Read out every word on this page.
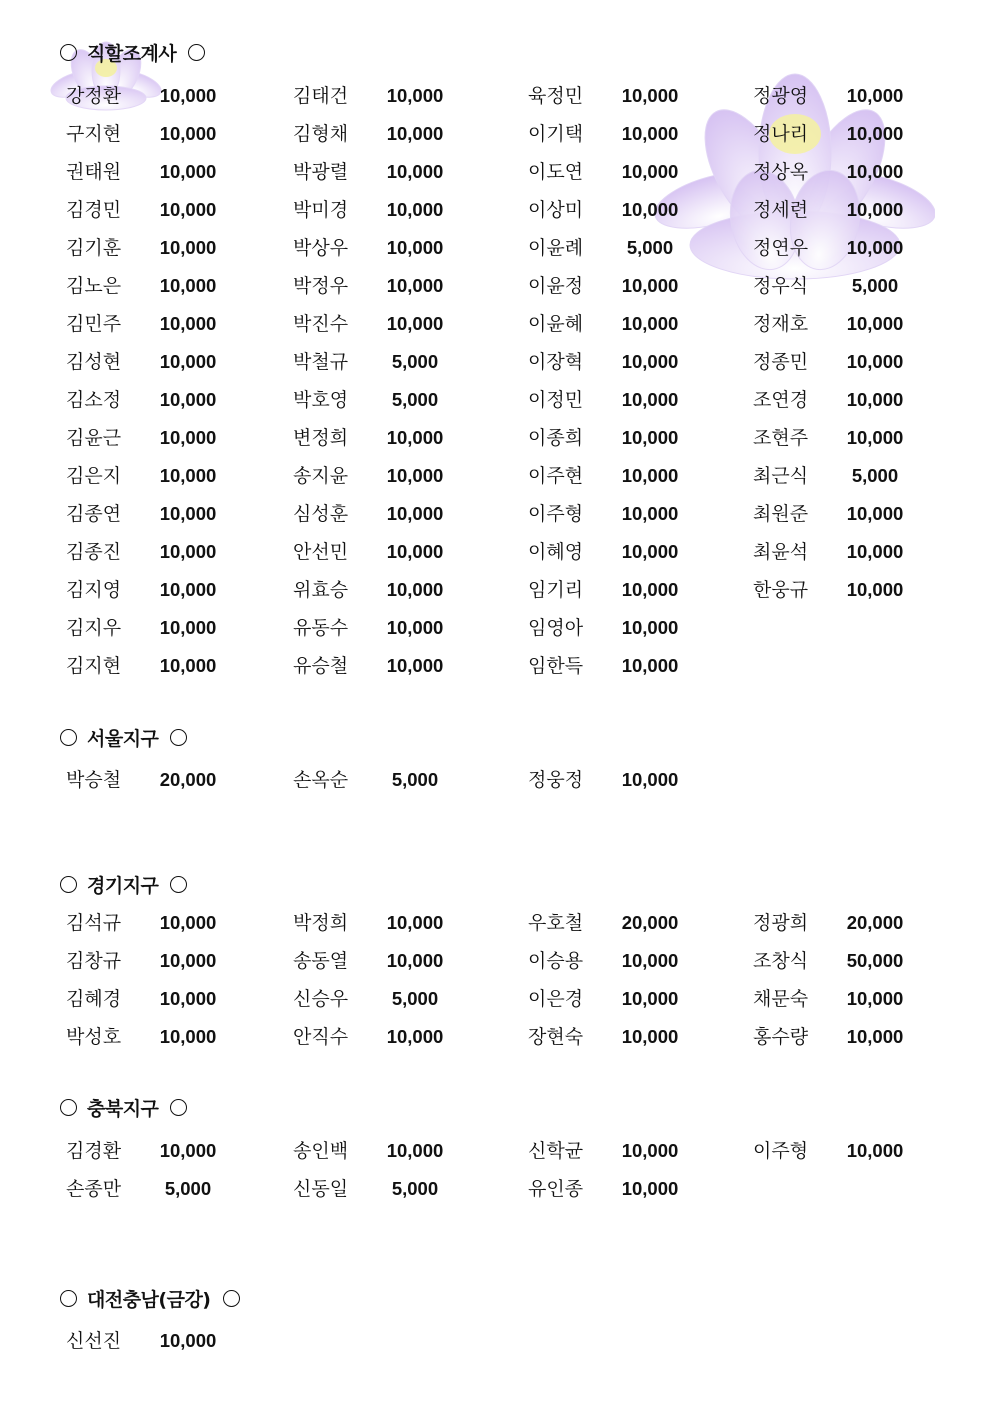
직할조계사
강정환	10,000	김태건	10,000	육정민	10,000	정광영	10,000
구지현	10,000	김형채	10,000	이기택	10,000	정나리	10,000
권태원	10,000	박광렬	10,000	이도연	10,000	정상옥	10,000
김경민	10,000	박미경	10,000	이상미	10,000	정세련	10,000
김기훈	10,000	박상우	10,000	이윤례	5,000	정연우	10,000
김노은	10,000	박정우	10,000	이윤정	10,000	정우식	5,000
김민주	10,000	박진수	10,000	이윤혜	10,000	정재호	10,000
김성현	10,000	박철규	5,000	이장혁	10,000	정종민	10,000
김소정	10,000	박호영	5,000	이정민	10,000	조연경	10,000
김윤근	10,000	변정희	10,000	이종희	10,000	조현주	10,000
김은지	10,000	송지윤	10,000	이주현	10,000	최근식	5,000
김종연	10,000	심성훈	10,000	이주형	10,000	최원준	10,000
김종진	10,000	안선민	10,000	이혜영	10,000	최윤석	10,000
김지영	10,000	위효승	10,000	임기리	10,000	한웅규	10,000
김지우	10,000	유동수	10,000	임영아	10,000
김지현	10,000	유승철	10,000	임한득	10,000
서울지구
박승철	20,000	손옥순	5,000	정웅정	10,000
경기지구
김석규	10,000	박정희	10,000	우호철	20,000	정광희	20,000
김창규	10,000	송동열	10,000	이승용	10,000	조창식	50,000
김혜경	10,000	신승우	5,000	이은경	10,000	채문숙	10,000
박성호	10,000	안직수	10,000	장현숙	10,000	홍수량	10,000
충북지구
김경환	10,000	송인백	10,000	신학균	10,000	이주형	10,000
손종만	5,000	신동일	5,000	유인종	10,000
대전충남(금강)
신선진	10,000
